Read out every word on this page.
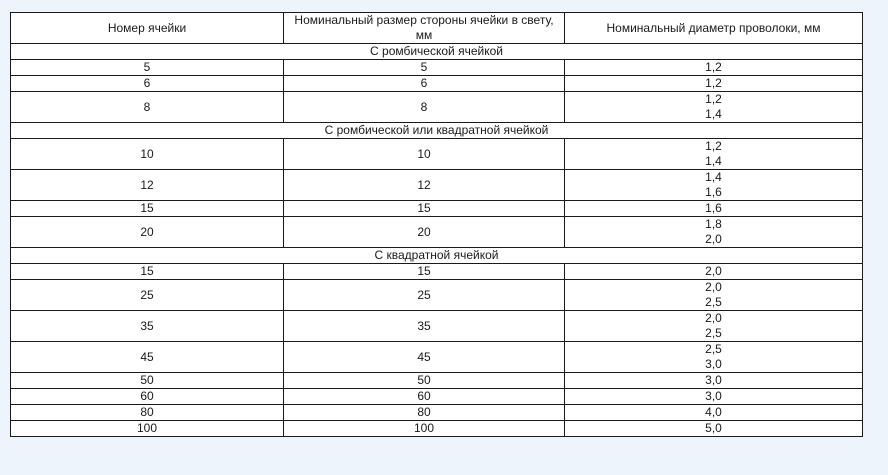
Номер ячейки	Номинальный размер стороны ячейки в свету, мм	Номинальный диаметр проволоки, мм
С ромбической ячейкой		
5	5	1,2

6	6	1,2

8	8	1,2
1,4

С ромбической или квадратной ячейкой		
10	10	1,2
1,4

12	12	1,4
1,6

15	15	1,6

20	20	1,8
2,0

С квадратной ячейкой		
15	15	2,0

25	25	2,0
2,5

35	35	2,0
2,5

45	45	2,5
3,0

50	50	3,0

60	60	3,0

80	80	4,0

100	100	5,0
